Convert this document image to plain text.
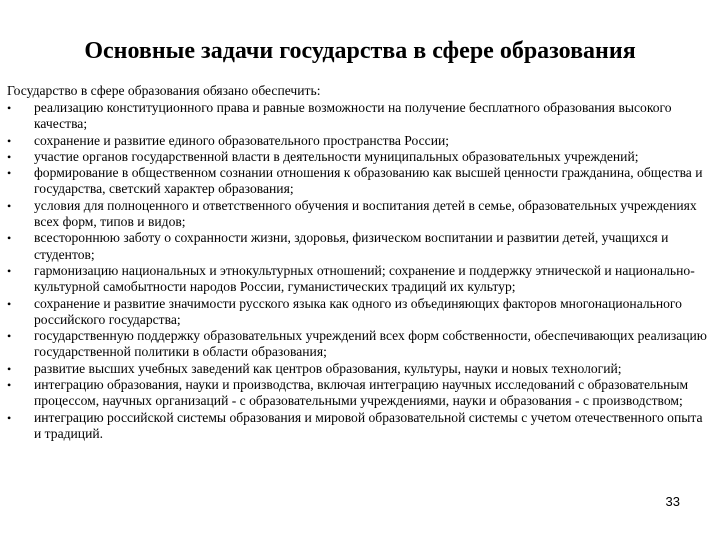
Основные задачи государства в сфере образования
Государство в сфере образования обязано обеспечить:
• реализацию конституционного права и равные возможности на получение бесплатного образования высокого качества;
• сохранение и развитие единого образовательного пространства России;
• участие органов государственной власти в деятельности муниципальных образовательных учреждений;
• формирование в общественном сознании отношения к образованию как высшей ценности гражданина, общества и государства, светский характер образования;
• условия для полноценного и ответственного обучения и воспитания детей в семье, образовательных учреждениях всех форм, типов и видов;
• всестороннюю заботу о сохранности жизни, здоровья, физическом воспитании и развитии детей, учащихся и студентов;
• гармонизацию национальных и этнокультурных отношений; сохранение и поддержку этнической и национально-культурной самобытности народов России, гуманистических традиций их культур;
• сохранение и развитие значимости русского языка как одного из объединяющих факторов многонационального российского государства;
• государственную поддержку образовательных учреждений всех форм собственности, обеспечивающих реализацию государственной политики в области образования;
• развитие высших учебных заведений как центров образования, культуры, науки и новых технологий;
• интеграцию образования, науки и производства, включая интеграцию научных исследований с образовательным процессом, научных организаций - с образовательными учреждениями, науки и образования - с производством;
• интеграцию российской системы образования и мировой образовательной системы с учетом отечественного опыта и традиций.
33
